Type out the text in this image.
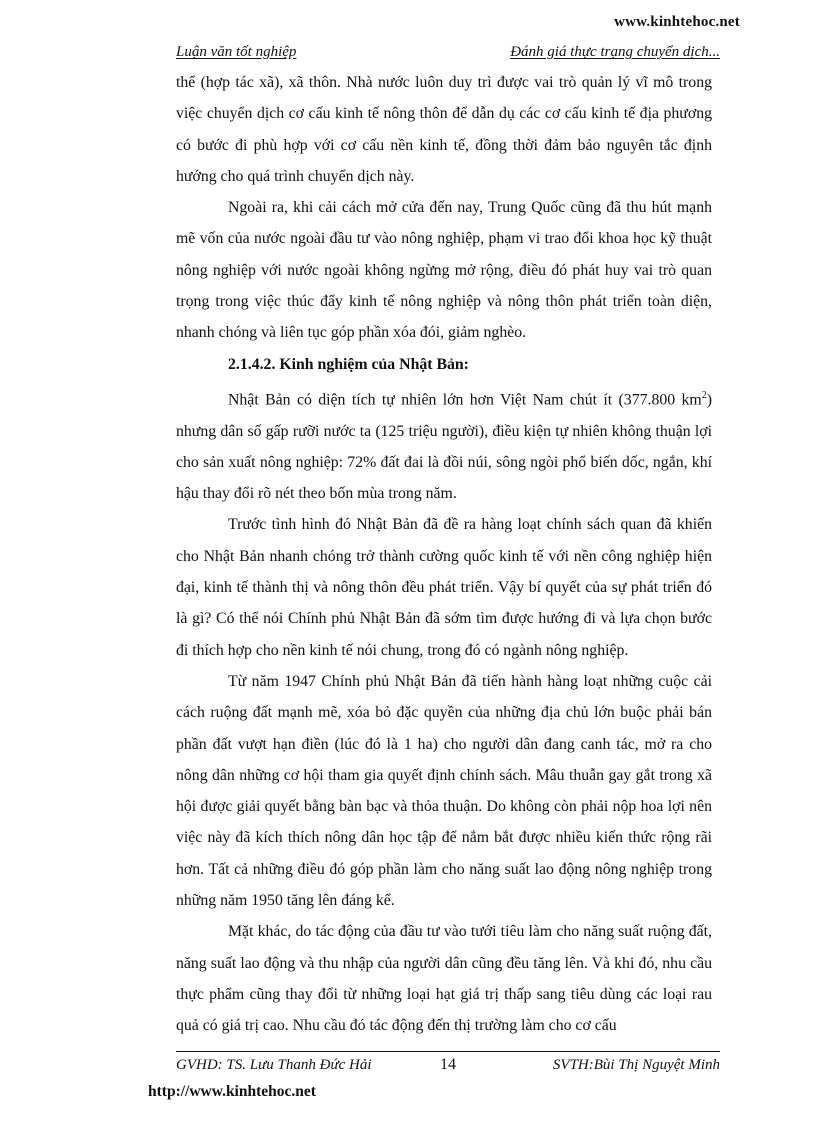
www.kinhtehoc.net
Luận văn tốt nghiệp	Đánh giá thực trạng chuyển dịch...

thể (hợp tác xã), xã thôn. Nhà nước luôn duy trì được vai trò quản lý vĩ mô trong việc chuyển dịch cơ cấu kinh tế nông thôn để dẫn dụ các cơ cấu kinh tế địa phương có bước đi phù hợp với cơ cấu nền kinh tế, đồng thời đảm bảo nguyên tắc định hướng cho quá trình chuyển dịch này.

Ngoài ra, khi cải cách mở cửa đến nay, Trung Quốc cũng đã thu hút mạnh mẽ vốn của nước ngoài đầu tư vào nông nghiệp, phạm vi trao đổi khoa học kỹ thuật nông nghiệp với nước ngoài không ngừng mở rộng, điều đó phát huy vai trò quan trọng trong việc thúc đẩy kinh tế nông nghiệp và nông thôn phát triển toàn diện, nhanh chóng và liên tục góp phần xóa đói, giảm nghèo.

2.1.4.2. Kinh nghiệm của Nhật Bản:

Nhật Bản có diện tích tự nhiên lớn hơn Việt Nam chút ít (377.800 $km^2$) nhưng dân số gấp rưỡi nước ta (125 triệu người), điều kiện tự nhiên không thuận lợi cho sản xuất nông nghiệp: 72% đất đai là đồi núi, sông ngòi phổ biến dốc, ngắn, khí hậu thay đổi rõ nét theo bốn mùa trong năm.

Trước tình hình đó Nhật Bản đã đề ra hàng loạt chính sách quan đã khiến cho Nhật Bản nhanh chóng trở thành cường quốc kinh tế với nền công nghiệp hiện đại, kinh tế thành thị và nông thôn đều phát triển. Vậy bí quyết của sự phát triển đó là gì? Có thể nói Chính phủ Nhật Bản đã sớm tìm được hướng đi và lựa chọn bước đi thích hợp cho nền kinh tế nói chung, trong đó có ngành nông nghiệp.

Từ năm 1947 Chính phủ Nhật Bản đã tiến hành hàng loạt những cuộc cải cách ruộng đất mạnh mẽ, xóa bỏ đặc quyền của những địa chủ lớn buộc phải bán phần đất vượt hạn điền (lúc đó là 1 ha) cho người dân đang canh tác, mở ra cho nông dân những cơ hội tham gia quyết định chính sách. Mâu thuẫn gay gắt trong xã hội được giải quyết bằng bàn bạc và thỏa thuận. Do không còn phải nộp hoa lợi nên việc này đã kích thích nông dân học tập để nắm bắt được nhiều kiến thức rộng rãi hơn. Tất cả những điều đó góp phần làm cho năng suất lao động nông nghiệp trong những năm 1950 tăng lên đáng kể.

Mặt khác, do tác động của đầu tư vào tưới tiêu làm cho năng suất ruộng đất, năng suất lao động và thu nhập của người dân cũng đều tăng lên. Và khi đó, nhu cầu thực phẩm cũng thay đổi từ những loại hạt giá trị thấp sang tiêu dùng các loại rau quả có giá trị cao. Nhu cầu đó tác động đến thị trường làm cho cơ cấu

GVHD: TS. Lưu Thanh Đức Hải	14	SVTH:Bùi Thị Nguyệt Minh
http://www.kinhtehoc.net
